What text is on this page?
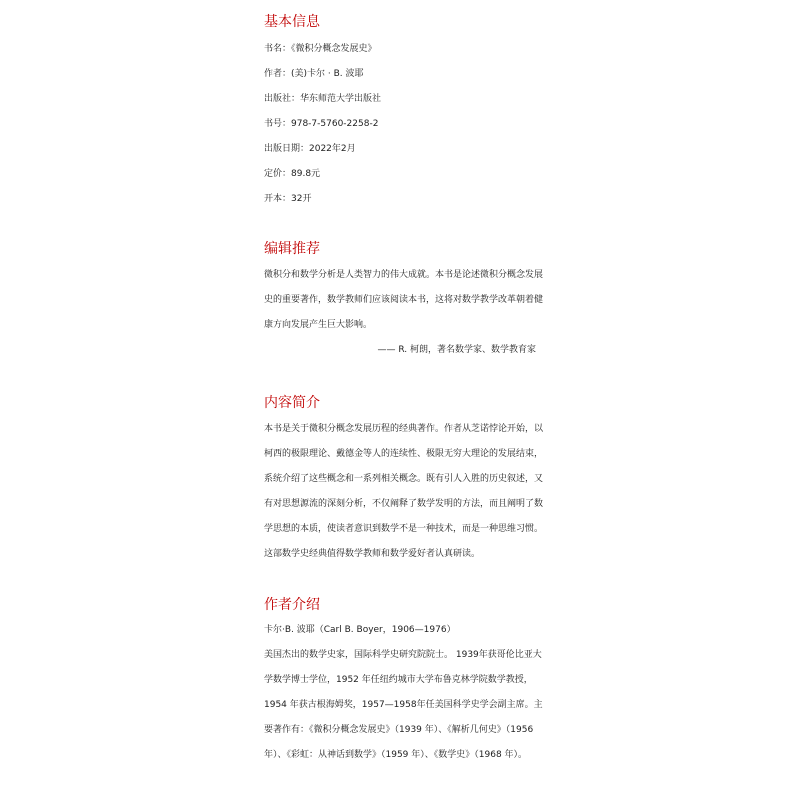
基本信息

书名：《微积分概念发展史》

作者：(美)卡尔 · B. 波耶

出版社：华东师范大学出版社

书号：978-7-5760-2258-2

出版日期：2022年2月

定价：89.8元

开本：32开

编辑推荐

微积分和数学分析是人类智力的伟大成就。本书是论述微积分概念发展

史的重要著作，数学教师们应该阅读本书，这将对数学教学改革朝着健

康方向发展产生巨大影响。

—— R. 柯朗，著名数学家、数学教育家

内容简介

本书是关于微积分概念发展历程的经典著作。作者从芝诺悖论开始，以

柯西的极限理论、戴德金等人的连续性、极限无穷大理论的发展结束，

系统介绍了这些概念和一系列相关概念。既有引人入胜的历史叙述，又

有对思想源流的深刻分析，不仅阐释了数学发明的方法，而且阐明了数

学思想的本质，使读者意识到数学不是一种技术，而是一种思维习惯。

这部数学史经典值得数学教师和数学爱好者认真研读。

作者介绍

卡尔·B. 波耶（Carl B. Boyer，1906—1976）

美国杰出的数学史家，国际科学史研究院院士。 1939年获哥伦比亚大

学数学博士学位，1952 年任纽约城市大学布鲁克林学院数学教授，

1954 年获古根海姆奖，1957—1958年任美国科学史学会副主席。主

要著作有：《微积分概念发展史》（1939 年）、《解析几何史》（1956

年）、《彩虹：从神话到数学》（1959 年）、《数学史》（1968 年）。
